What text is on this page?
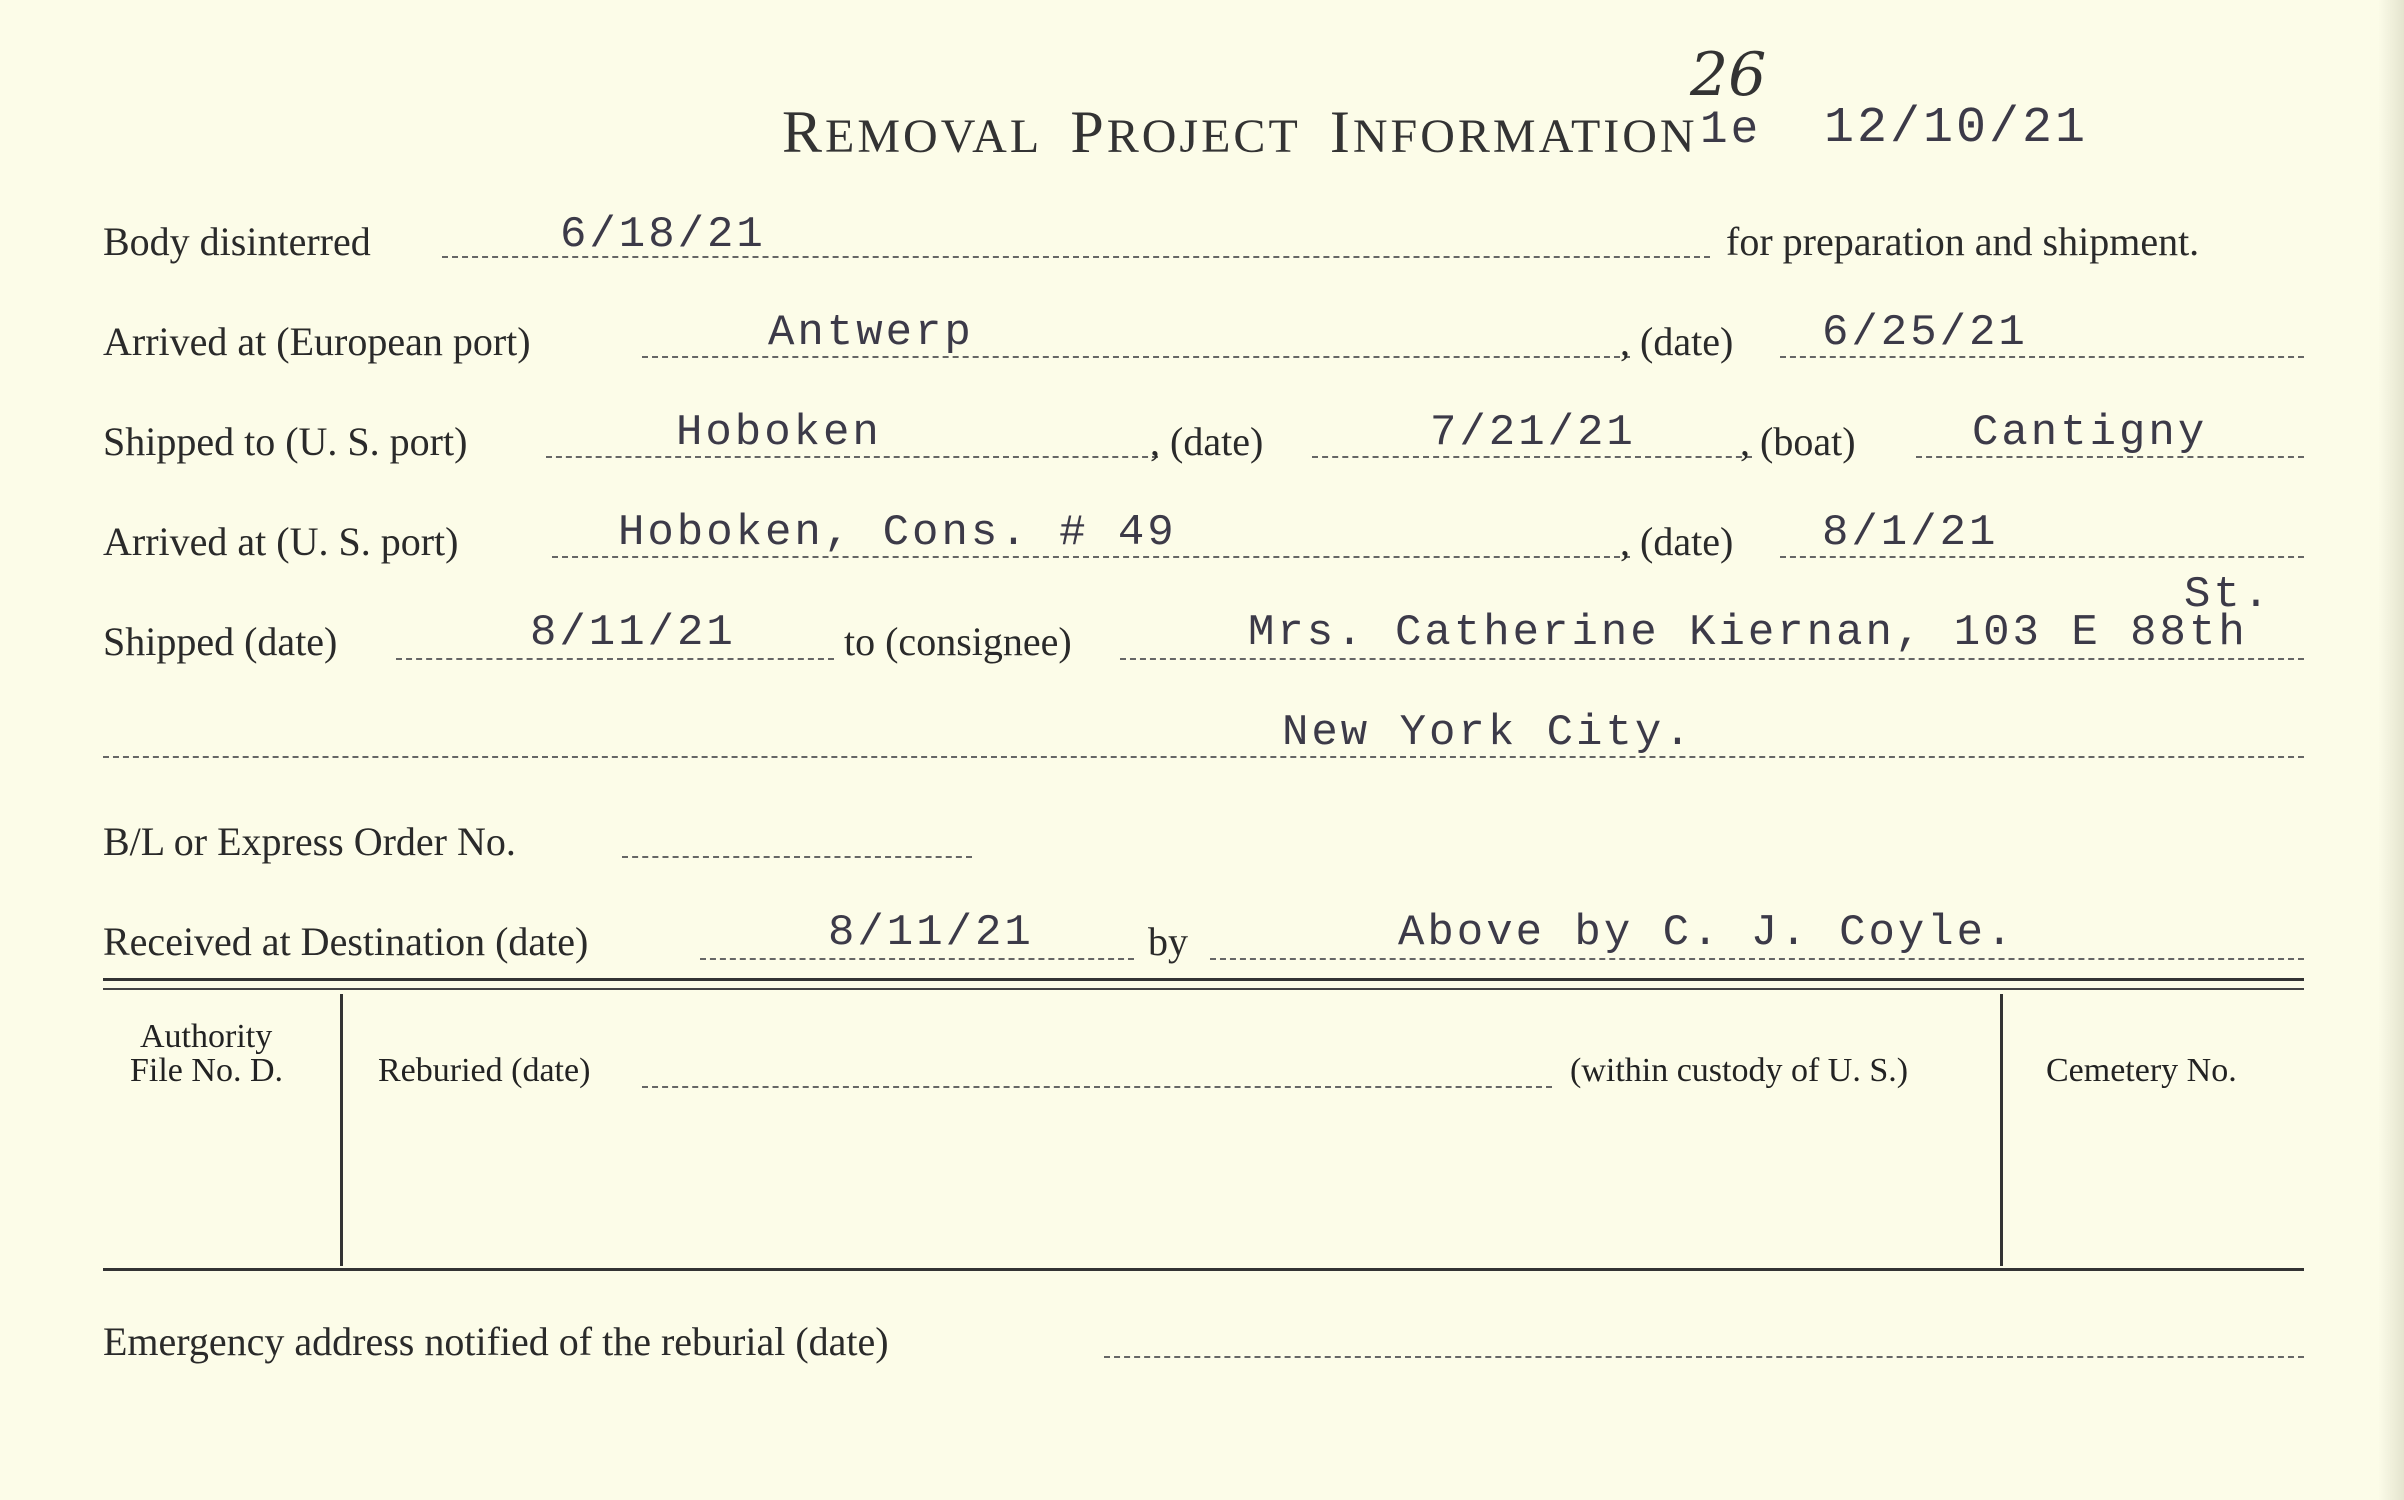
REMOVAL PROJECT INFORMATION 1e
26
12/10/21
Body disinterred	6/18/21	for preparation and shipment.
Arrived at (European port)	Antwerp	, (date) 6/25/21
Shipped to (U. S. port)	Hoboken	, (date)	7/21/21	, (boat)	Cantigny
Arrived at (U. S. port)	Hoboken, Cons. # 49	, (date) 8/1/21
Shipped (date)	8/11/21	to (consignee)	Mrs. Catherine Kiernan, 103 E 88th
St.
New York City.
B/L or Express Order No.
Received at Destination (date)	8/11/21	by	Above by C. J. Coyle.
Authority
File No. D.	Reburied (date)	(within custody of U. S.)	Cemetery No.
Emergency address notified of the reburial (date)
